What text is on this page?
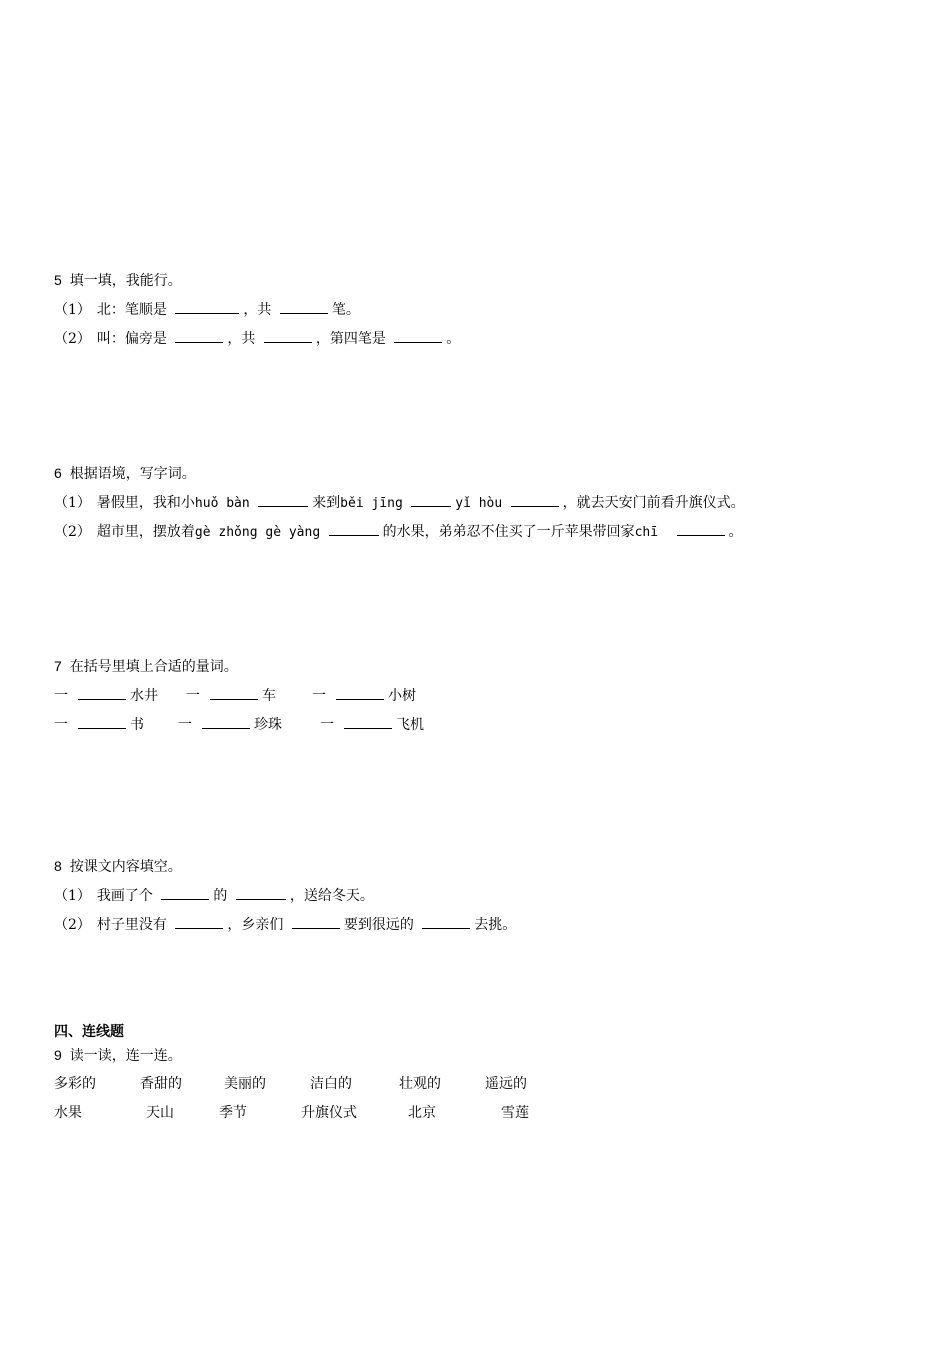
5 填一填，我能行。
（1） 北：笔顺是	，共	笔。
（2） 叫：偏旁是	，共	，第四笔是	。
6 根据语境，写字词。
（1） 暑假里，我和小huǒ bàn	来到běi jīng	yǐ hòu	，就去天安门前看升旗仪式。
（2） 超市里，摆放着gè zhǒng gè yàng	的水果，弟弟忍不住买了一斤苹果带回家chī	。
7 在括号里填上合适的量词。
一	水井 一	车	一	小树
一	书 一	珍珠	一	飞机
8 按课文内容填空。
（1） 我画了个	的	，送给冬天。
（2） 村子里没有	，乡亲们	要到很远的	去挑。
四、连线题
9 读一读，连一连。
多彩的	香甜的	美丽的	洁白的	壮观的	遥远的
水果	天山	季节	升旗仪式	北京	雪莲
